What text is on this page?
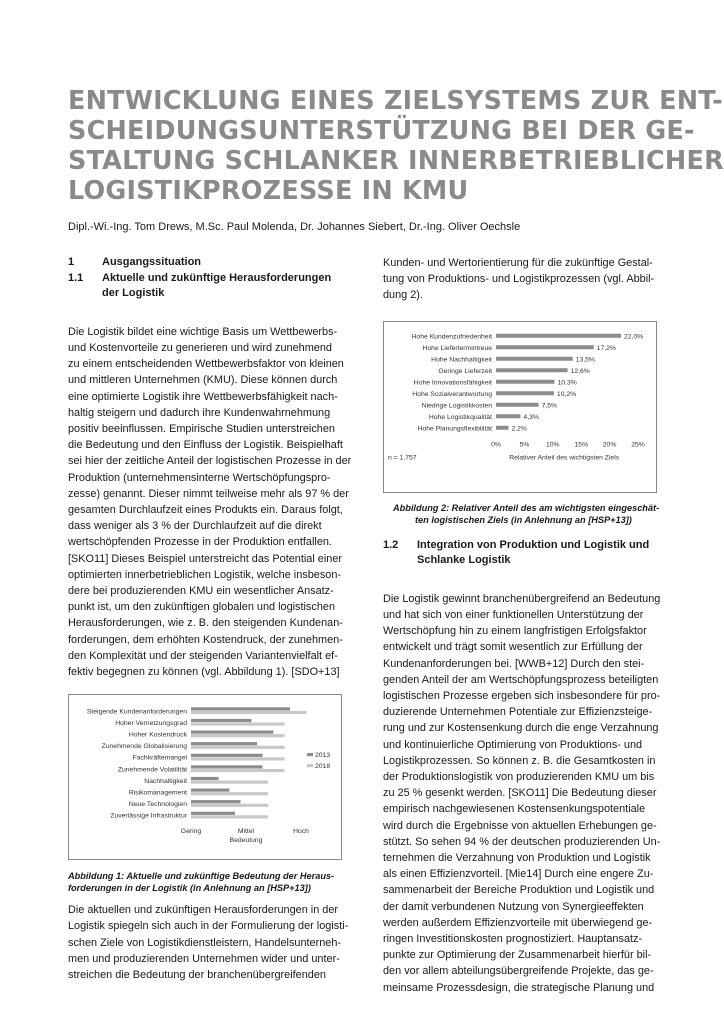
ENTWICKLUNG EINES ZIELSYSTEMS ZUR ENT-
SCHEIDUNGSUNTERSTÜTZUNG BEI DER GE-
STALTUNG SCHLANKER INNERBETRIEBLICHER
LOGISTIKPROZESSE IN KMU
Dipl.-Wi.-Ing. Tom Drews, M.Sc. Paul Molenda, Dr. Johannes Siebert, Dr.-Ing. Oliver Oechsle
1	Ausgangssituation
1.1	Aktuelle und zukünftige Herausforderungen
der Logistik

Die Logistik bildet eine wichtige Basis um Wettbewerbs-
und Kostenvorteile zu generieren und wird zunehmend
zu einem entscheidenden Wettbewerbsfaktor von kleinen
und mittleren Unternehmen (KMU). Diese können durch
eine optimierte Logistik ihre Wettbewerbsfähigkeit nach-
haltig steigern und dadurch ihre Kundenwahrnehmung
positiv beeinflussen. Empirische Studien unterstreichen
die Bedeutung und den Einfluss der Logistik. Beispielhaft
sei hier der zeitliche Anteil der logistischen Prozesse in der
Produktion (unternehmensinterne Wertschöpfungspro-
zesse) genannt. Dieser nimmt teilweise mehr als 97 % der
gesamten Durchlaufzeit eines Produkts ein. Daraus folgt,
dass weniger als 3 % der Durchlaufzeit auf die direkt
wertschöpfenden Prozesse in der Produktion entfallen.
[SKO11] Dieses Beispiel unterstreicht das Potential einer
optimierten innerbetrieblichen Logistik, welche insbeson-
dere bei produzierenden KMU ein wesentlicher Ansatz-
punkt ist, um den zukünftigen globalen und logistischen
Herausforderungen, wie z. B. den steigenden Kundenan-
forderungen, dem erhöhten Kostendruck, der zunehmen-
den Komplexität und der steigenden Variantenvielfalt ef-
fektiv begegnen zu können (vgl. Abbildung 1). [SDO+13]

Steigende Kundenanforderungen
Hoher Vernetzungsgrad
Hoher Kostendruck
Zunehmende Globalisierung
Fachkräftemangel
Zunehmende Volatilität
Nachhaltigkeit
Risikomanagement
Neue Technologien
Zuverlässige Infrastruktur
Gering	Mittel	Hoch
Bedeutung
2013
2018

Abbildung 1: Aktuelle und zukünftige Bedeutung der Heraus-
forderungen in der Logistik (in Anlehnung an [HSP+13])

Die aktuellen und zukünftigen Herausforderungen in der
Logistik spiegeln sich auch in der Formulierung der logisti-
schen Ziele von Logistikdienstleistern, Handelsunterneh-
men und produzierenden Unternehmen wider und unter-
streichen die Bedeutung der branchenübergreifenden

Kunden- und Wertorientierung für die zukünftige Gestal-
tung von Produktions- und Logistikprozessen (vgl. Abbil-
dung 2).

Hohe Kundenzufriedenheit	22,0%
Hohe Liefertermintreue	17,2%
Hohe Nachhaltigkeit	13,5%
Geringe Lieferzeit	12,6%
Hohe Innovationsfähigkeit	10,3%
Hohe Sozialverantwortung	10,2%
Niedrige Logistikkosten	7,5%
Hohe Logistikqualität	4,3%
Hohe Planungsflexibilität	2,2%
0%	5% 10% 15% 20% 25%
n = 1.757	Relativer Anteil des wichtigsten Ziels

Abbildung 2: Relativer Anteil des am wichtigsten eingeschät-
ten logistischen Ziels (in Anlehnung an [HSP+13])

1.2	Integration von Produktion und Logistik und
Schlanke Logistik

Die Logistik gewinnt branchenübergreifend an Bedeutung
und hat sich von einer funktionellen Unterstützung der
Wertschöpfung hin zu einem langfristigen Erfolgsfaktor
entwickelt und trägt somit wesentlich zur Erfüllung der
Kundenanforderungen bei. [WWB+12] Durch den stei-
genden Anteil der am Wertschöpfungsprozess beteiligten
logistischen Prozesse ergeben sich insbesondere für pro-
duzierende Unternehmen Potentiale zur Effizienzsteige-
rung und zur Kostensenkung durch die enge Verzahnung
und kontinuierliche Optimierung von Produktions- und
Logistikprozessen. So können z. B. die Gesamtkosten in
der Produktionslogistik von produzierenden KMU um bis
zu 25 % gesenkt werden. [SKO11] Die Bedeutung dieser
empirisch nachgewiesenen Kostensenkungspotentiale
wird durch die Ergebnisse von aktuellen Erhebungen ge-
stützt. So sehen 94 % der deutschen produzierenden Un-
ternehmen die Verzahnung von Produktion und Logistik
als einen Effizienzvorteil. [Mie14] Durch eine engere Zu-
sammenarbeit der Bereiche Produktion und Logistik und
der damit verbundenen Nutzung von Synergieeffekten
werden außerdem Effizienzvorteile mit überwiegend ge-
ringen Investitionskosten prognostiziert. Hauptansatz-
punkte zur Optimierung der Zusammenarbeit hierfür bil-
den vor allem abteilungsübergreifende Projekte, das ge-
meinsame Prozessdesign, die strategische Planung und
